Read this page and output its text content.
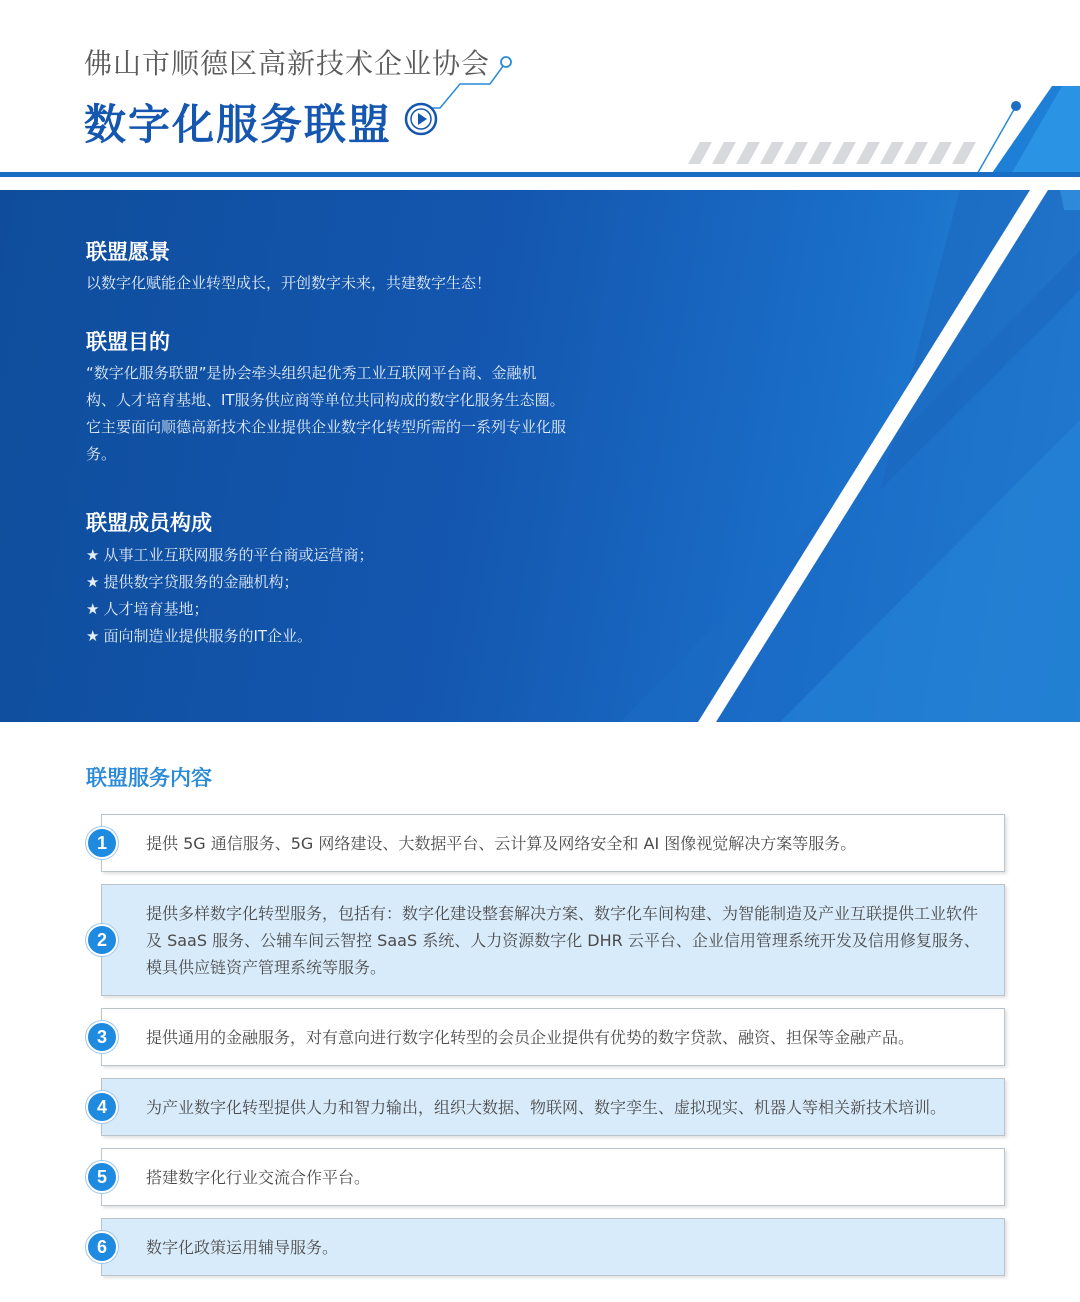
佛山市顺德区高新技术企业协会
数字化服务联盟
联盟愿景
以数字化赋能企业转型成长，开创数字未来，共建数字生态！
联盟目的
“数字化服务联盟”是协会牵头组织起优秀工业互联网平台商、金融机构、人才培育基地、IT服务供应商等单位共同构成的数字化服务生态圈。它主要面向顺德高新技术企业提供企业数字化转型所需的一系列专业化服务。
联盟成员构成
★ 从事工业互联网服务的平台商或运营商；
★ 提供数字贷服务的金融机构；
★ 人才培育基地；
★ 面向制造业提供服务的IT企业。
联盟服务内容
1	提供 5G 通信服务、5G 网络建设、大数据平台、云计算及网络安全和 AI 图像视觉解决方案等服务。
2
提供多样数字化转型服务，包括有：数字化建设整套解决方案、数字化车间构建、为智能制造及产业互联提供工业软件及 SaaS 服务、公辅车间云智控 SaaS 系统、人力资源数字化 DHR 云平台、企业信用管理系统开发及信用修复服务、模具供应链资产管理系统等服务。
3	提供通用的金融服务，对有意向进行数字化转型的会员企业提供有优势的数字贷款、融资、担保等金融产品。
4	为产业数字化转型提供人力和智力输出，组织大数据、物联网、数字孪生、虚拟现实、机器人等相关新技术培训。
5	搭建数字化行业交流合作平台。
6	数字化政策运用辅导服务。
